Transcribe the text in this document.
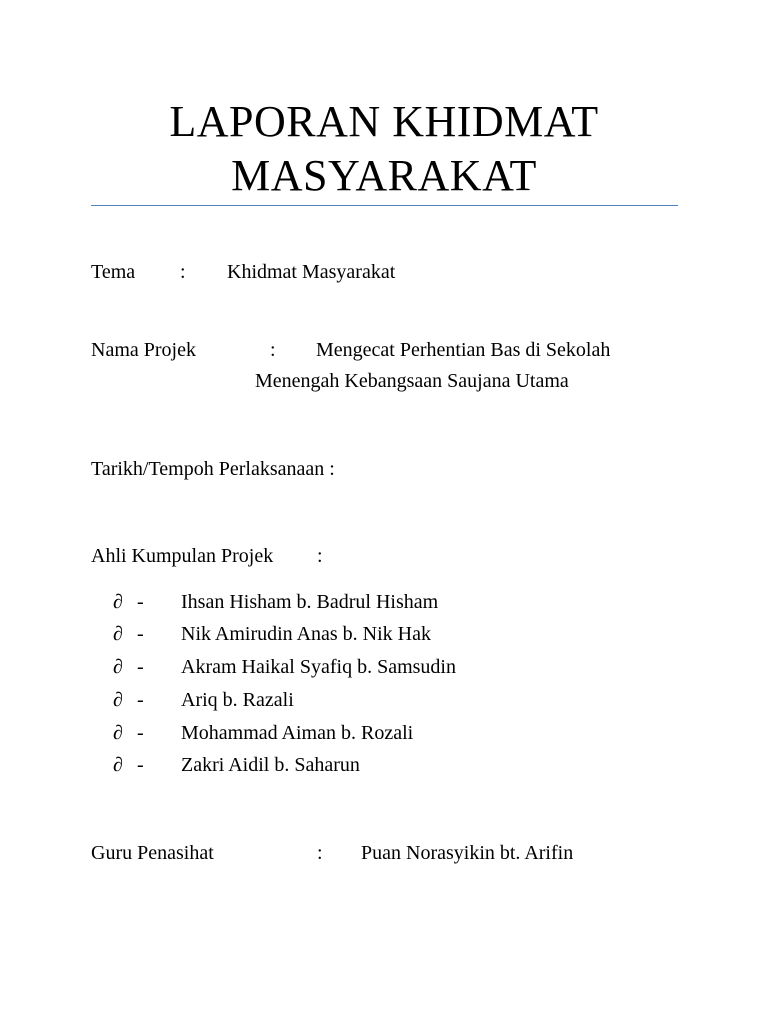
LAPORAN KHIDMAT
MASYARAKAT
Tema : Khidmat Masyarakat
Nama Projek	: Mengecat Perhentian Bas di Sekolah
Menengah Kebangsaan Saujana Utama
Tarikh/Tempoh Perlaksanaan :
Ahli Kumpulan Projek :
∂ - Ihsan Hisham b. Badrul Hisham
∂ - Nik Amirudin Anas b. Nik Hak
∂ - Akram Haikal Syafiq b. Samsudin
∂ - Ariq b. Razali
∂ - Mohammad Aiman b. Rozali
∂ - Zakri Aidil b. Saharun
Guru Penasihat	: Puan Norasyikin bt. Arifin
